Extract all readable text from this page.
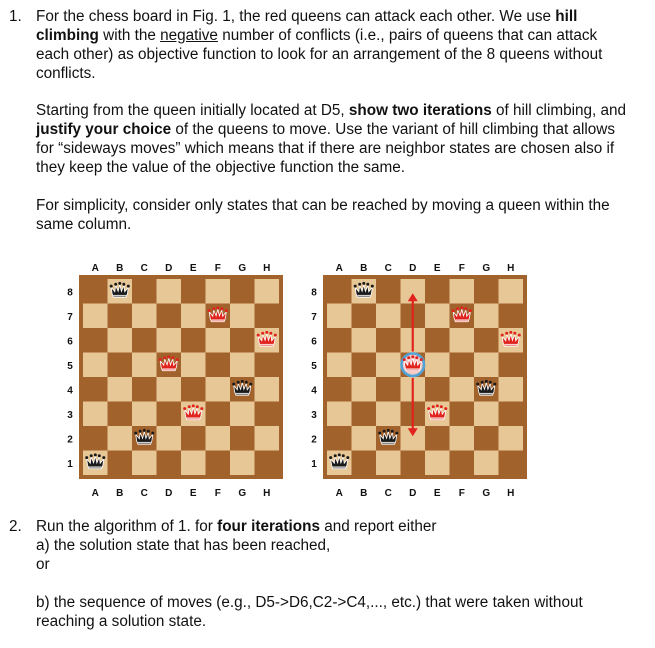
1. For the chess board in Fig. 1, the red queens can attack each other. We use hill climbing with the negative number of conflicts (i.e., pairs of queens that can attack each other) as objective function to look for an arrangement of the 8 queens without conflicts.

Starting from the queen initially located at D5, show two iterations of hill climbing, and justify your choice of the queens to move. Use the variant of hill climbing that allows for “sideways moves” which means that if there are neighbor states are chosen also if they keep the value of the objective function the same.

For simplicity, consider only states that can be reached by moving a queen within the same column.

A
A
B
B
C
C
D
D
E
E
F
F
G
G
H
H
8
7
6
5
4
3
2
1
A
A
B
B
C
C
D
D
E
E
F
F
G
G
H
H
8
7
6
5
4
3
2
1
2. Run the algorithm of 1. for four iterations and report either

a) the solution state that has been reached,

or

b) the sequence of moves (e.g., D5->D6,C2->C4,..., etc.) that were taken without reaching a solution state.
